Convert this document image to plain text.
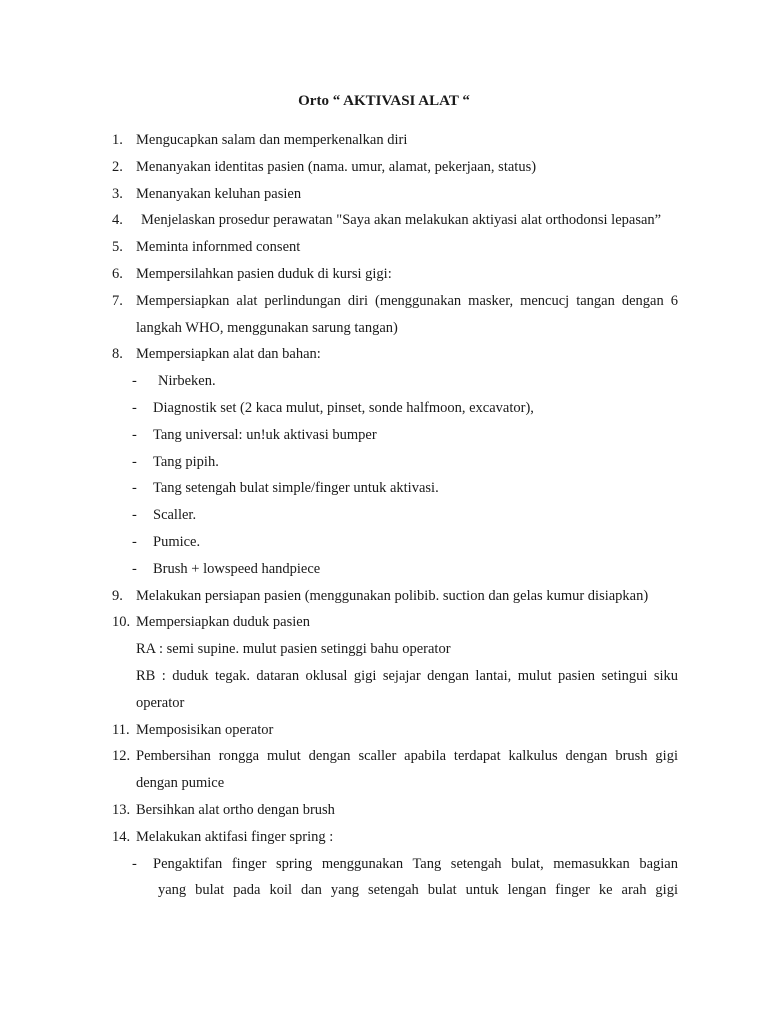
Orto “ AKTIVASI ALAT “
1. Mengucapkan salam dan memperkenalkan diri
2. Menanyakan identitas pasien (nama. umur, alamat, pekerjaan, status)
3. Menanyakan keluhan pasien
4.	Menjelaskan prosedur perawatan "Saya akan melakukan aktiyasi alat orthodonsi lepasan”
5. Meminta infornmed consent
6. Mempersilahkan pasien duduk di kursi gigi:
7. Mempersiapkan alat perlindungan diri (menggunakan masker, mencucj tangan dengan 6 langkah WHO, menggunakan sarung tangan)
8. Mempersiapkan alat dan bahan:
-	Nirbeken.
- Diagnostik set (2 kaca mulut, pinset, sonde halfmoon, excavator),
- Tang universal: un!uk aktivasi bumper
- Tang pipih.
- Tang setengah bulat simple/finger untuk aktivasi.
- Scaller.
- Pumice.
- Brush + lowspeed handpiece
9. Melakukan persiapan pasien (menggunakan polibib. suction dan gelas kumur disiapkan)
10. Mempersiapkan duduk pasien
RA : semi supine. mulut pasien setinggi bahu operator
RB : duduk tegak. dataran oklusal gigi sejajar dengan lantai, mulut pasien setingui siku operator
11. Memposisikan operator
12. Pembersihan rongga mulut dengan scaller apabila terdapat kalkulus dengan brush gigi dengan pumice
13. Bersihkan alat ortho dengan brush
14. Melakukan aktifasi finger spring :
- Pengaktifan finger spring menggunakan Tang setengah bulat, memasukkan bagian
yang bulat pada koil dan yang setengah bulat untuk lengan finger ke arah gigi
